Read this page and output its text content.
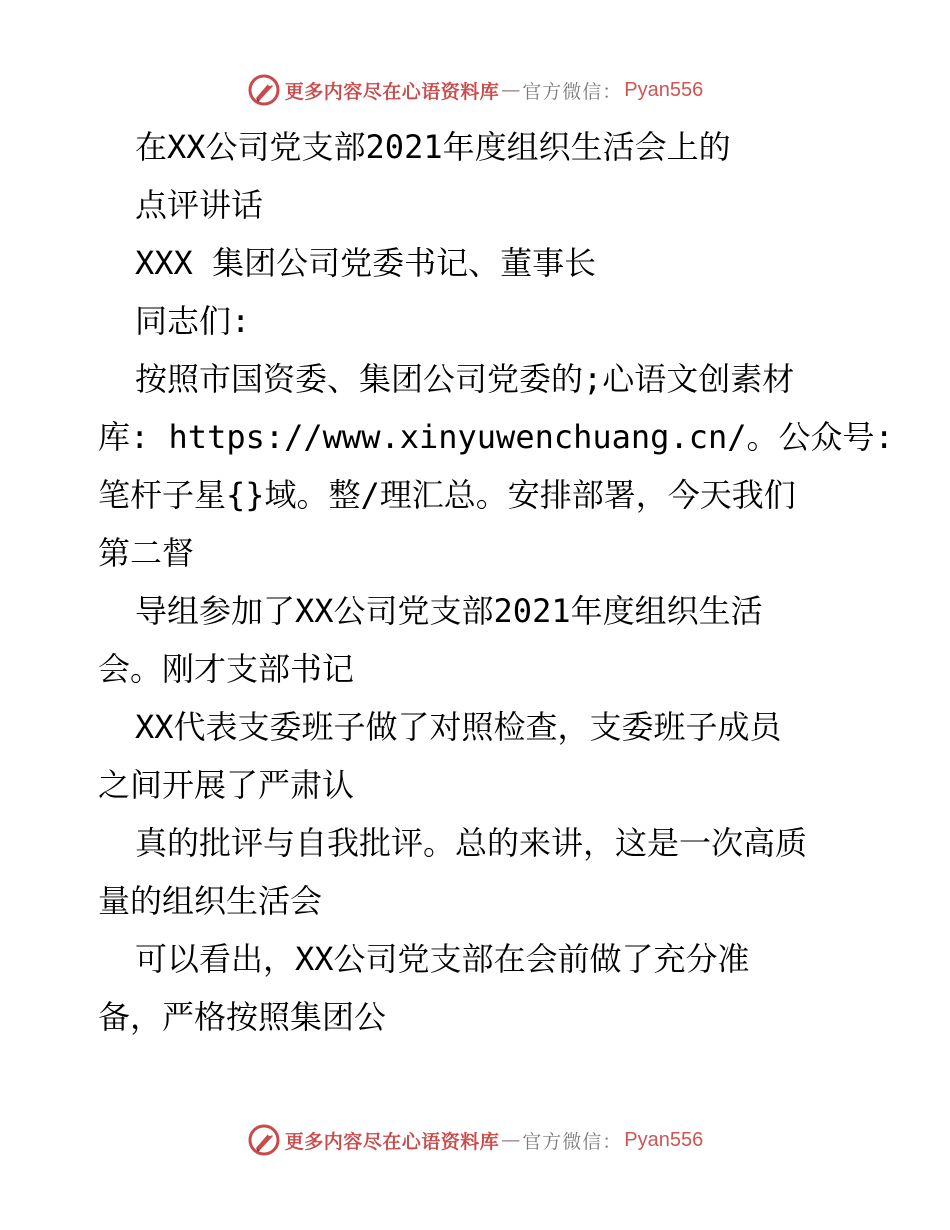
更多内容尽在心语资料库 — 官方微信： Pyan556
在XX公司党支部2021年度组织生活会上的
点评讲话
XXX 集团公司党委书记、董事长
同志们:
按照市国资委、集团公司党委的;心语文创素材
库: https://www.xinyuwenchuang.cn/。公众号:
笔杆子星{}域。整/理汇总。安排部署，今天我们
第二督
导组参加了XX公司党支部2021年度组织生活
会。刚才支部书记
XX代表支委班子做了对照检查，支委班子成员
之间开展了严肃认
真的批评与自我批评。总的来讲，这是一次高质
量的组织生活会
可以看出，XX公司党支部在会前做了充分准
备，严格按照集团公
更多内容尽在心语资料库 — 官方微信： Pyan556
